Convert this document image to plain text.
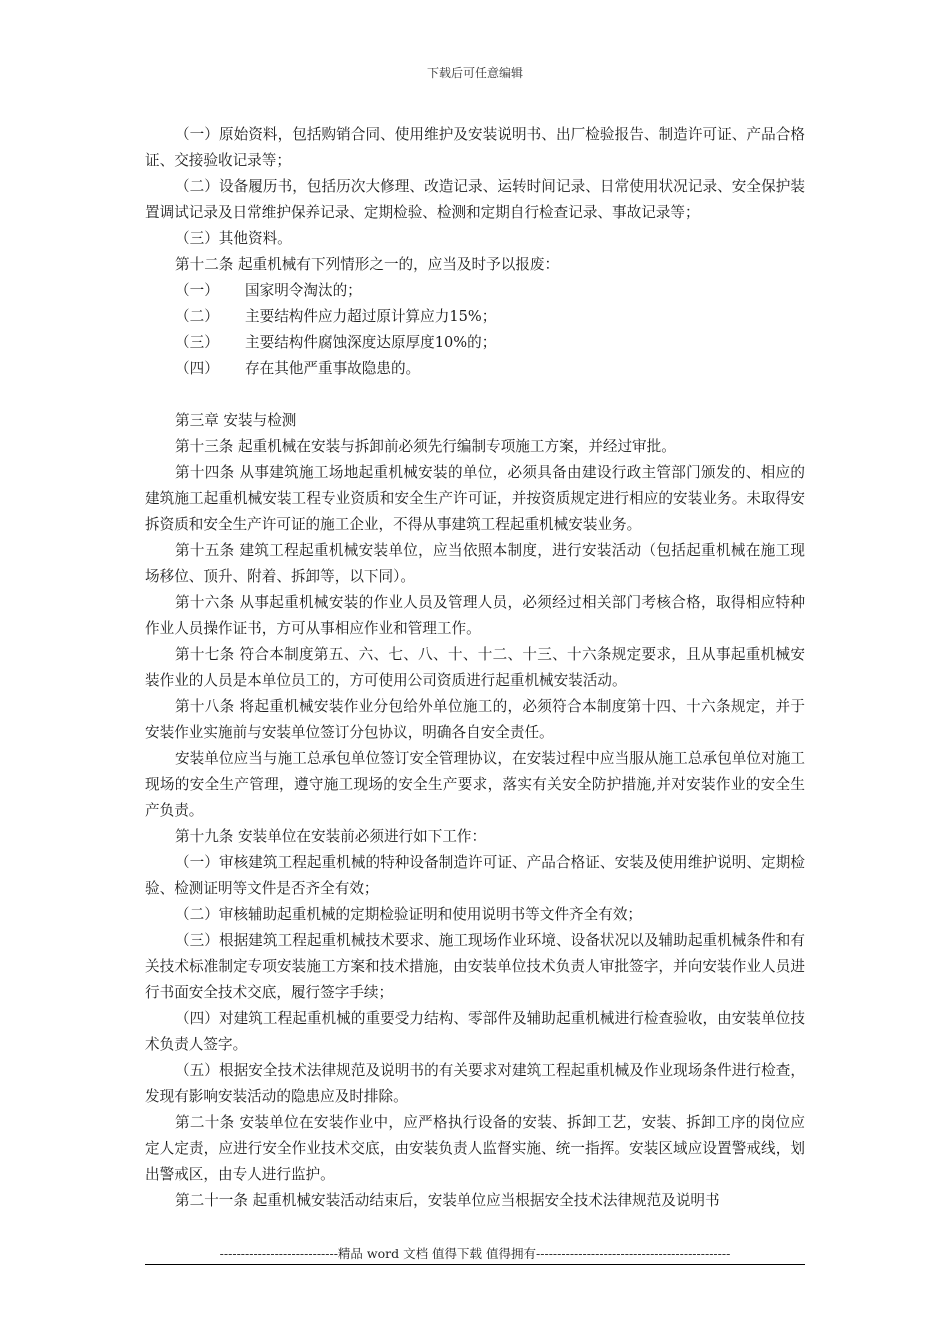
下载后可任意编辑

（一）原始资料，包括购销合同、使用维护及安装说明书、出厂检验报告、制造许可证、产品合格证、交接验收记录等；

（二）设备履历书，包括历次大修理、改造记录、运转时间记录、日常使用状况记录、安全保护装置调试记录及日常维护保养记录、定期检验、检测和定期自行检查记录、事故记录等；

（三）其他资料。

第十二条 起重机械有下列情形之一的，应当及时予以报废：

（一） 国家明令淘汰的；

（二） 主要结构件应力超过原计算应力15%；

（三） 主要结构件腐蚀深度达原厚度10%的；

（四） 存在其他严重事故隐患的。

第三章 安装与检测

第十三条 起重机械在安装与拆卸前必须先行编制专项施工方案，并经过审批。

第十四条 从事建筑施工场地起重机械安装的单位，必须具备由建设行政主管部门颁发的、相应的建筑施工起重机械安装工程专业资质和安全生产许可证，并按资质规定进行相应的安装业务。未取得安拆资质和安全生产许可证的施工企业，不得从事建筑工程起重机械安装业务。

第十五条 建筑工程起重机械安装单位，应当依照本制度，进行安装活动（包括起重机械在施工现场移位、顶升、附着、拆卸等，以下同）。

第十六条 从事起重机械安装的作业人员及管理人员，必须经过相关部门考核合格，取得相应特种作业人员操作证书，方可从事相应作业和管理工作。

第十七条 符合本制度第五、六、七、八、十、十二、十三、十六条规定要求，且从事起重机械安装作业的人员是本单位员工的，方可使用公司资质进行起重机械安装活动。

第十八条 将起重机械安装作业分包给外单位施工的，必须符合本制度第十四、十六条规定，并于安装作业实施前与安装单位签订分包协议，明确各自安全责任。

安装单位应当与施工总承包单位签订安全管理协议，在安装过程中应当服从施工总承包单位对施工现场的安全生产管理，遵守施工现场的安全生产要求，落实有关安全防护措施,并对安装作业的安全生产负责。

第十九条 安装单位在安装前必须进行如下工作：

（一）审核建筑工程起重机械的特种设备制造许可证、产品合格证、安装及使用维护说明、定期检验、检测证明等文件是否齐全有效；

（二）审核辅助起重机械的定期检验证明和使用说明书等文件齐全有效；

（三）根据建筑工程起重机械技术要求、施工现场作业环境、设备状况以及辅助起重机械条件和有关技术标准制定专项安装施工方案和技术措施，由安装单位技术负责人审批签字，并向安装作业人员进行书面安全技术交底，履行签字手续；

（四）对建筑工程起重机械的重要受力结构、零部件及辅助起重机械进行检查验收，由安装单位技术负责人签字。

（五）根据安全技术法律规范及说明书的有关要求对建筑工程起重机械及作业现场条件进行检查，发现有影响安装活动的隐患应及时排除。

第二十条 安装单位在安装作业中，应严格执行设备的安装、拆卸工艺，安装、拆卸工序的岗位应定人定责，应进行安全作业技术交底，由安装负责人监督实施、统一指挥。安装区域应设置警戒线，划出警戒区，由专人进行监护。

第二十一条 起重机械安装活动结束后，安装单位应当根据安全技术法律规范及说明书

----------------------------精品 word 文档 值得下载 值得拥有----------------------------------------------
